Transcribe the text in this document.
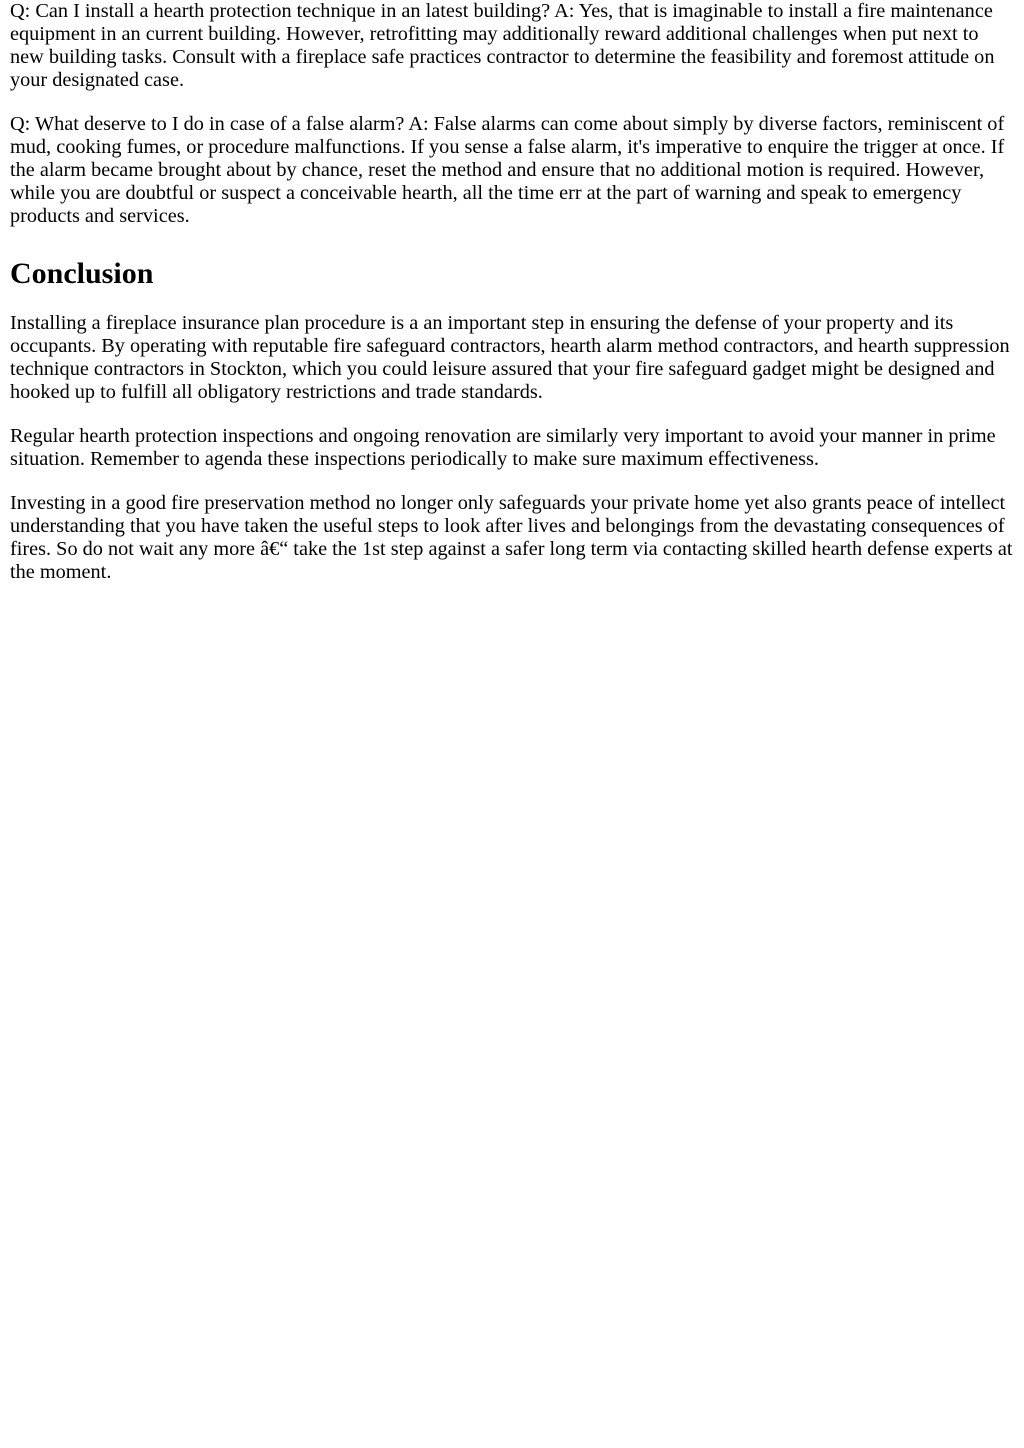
Q: Can I install a hearth protection technique in an latest building? A: Yes, that is imaginable to install a fire maintenance equipment in an current building. However, retrofitting may additionally reward additional challenges when put next to new building tasks. Consult with a fireplace safe practices contractor to determine the feasibility and foremost attitude on your designated case.

Q: What deserve to I do in case of a false alarm? A: False alarms can come about simply by diverse factors, reminiscent of mud, cooking fumes, or procedure malfunctions. If you sense a false alarm, it's imperative to enquire the trigger at once. If the alarm became brought about by chance, reset the method and ensure that no additional motion is required. However, while you are doubtful or suspect a conceivable hearth, all the time err at the part of warning and speak to emergency products and services.

Conclusion

Installing a fireplace insurance plan procedure is a an important step in ensuring the defense of your property and its occupants. By operating with reputable fire safeguard contractors, hearth alarm method contractors, and hearth suppression technique contractors in Stockton, which you could leisure assured that your fire safeguard gadget might be designed and hooked up to fulfill all obligatory restrictions and trade standards.

Regular hearth protection inspections and ongoing renovation are similarly very important to avoid your manner in prime situation. Remember to agenda these inspections periodically to make sure maximum effectiveness.

Investing in a good fire preservation method no longer only safeguards your private home yet also grants peace of intellect understanding that you have taken the useful steps to look after lives and belongings from the devastating consequences of fires. So do not wait any more â€“ take the 1st step against a safer long term via contacting skilled hearth defense experts at the moment.
